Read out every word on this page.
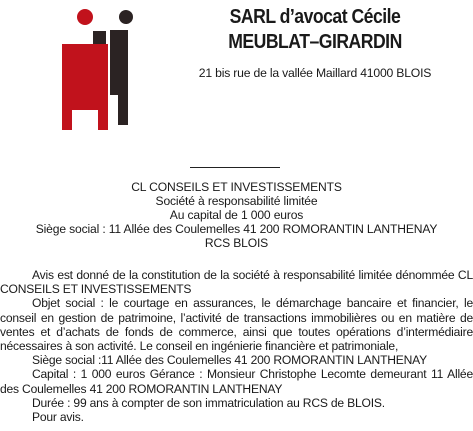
SARL d’avocat Cécile
MEUBLAT–GIRARDIN
21 bis rue de la vallée Maillard 41000 BLOIS
CL CONSEILS ET INVESTISSEMENTS
Société à responsabilité limitée
Au capital de 1 000 euros
Siège social : 11 Allée des Coulemelles 41 200 ROMORANTIN LANTHENAY
RCS BLOIS

Avis est donné de la constitution de la société à responsabilité limitée dénommée CL CONSEILS ET INVESTISSEMENTS

Objet social : le courtage en assurances, le démarchage bancaire et financier, le conseil en gestion de patrimoine, l’activité de transactions immobilières ou en matière de ventes et d’achats de fonds de commerce, ainsi que toutes opérations d’intermédiaire nécessaires à son activité. Le conseil en ingénierie financière et patrimoniale,

Siège social :11 Allée des Coulemelles 41 200 ROMORANTIN LANTHENAY

Capital : 1 000 euros Gérance : Monsieur Christophe Lecomte demeurant 11 Allée des Coulemelles 41 200 ROMORANTIN LANTHENAY

Durée : 99 ans à compter de son immatriculation au RCS de BLOIS.

Pour avis.
